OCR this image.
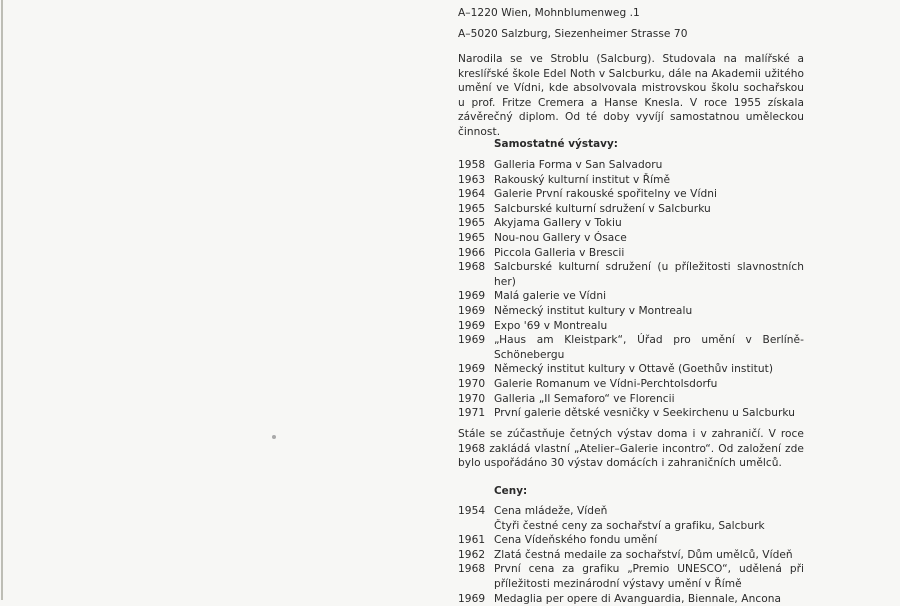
A–1220 Wien, Mohnblumenweg .1
A–5020 Salzburg, Siezenheimer Strasse 70
Narodila se ve Stroblu (Salcburg). Studovala na malířské a kreslířské škole Edel Noth v Salcburku, dále na Akademii užitého umění ve Vídni, kde absolvovala mistrovskou školu sochařskou u prof. Fritze Cremera a Hanse Knesla. V roce 1955 získala závěrečný diplom. Od té doby vyvíjí samostatnou uměleckou činnost.
Samostatné výstavy:
1958 Galleria Forma v San Salvadoru
1963 Rakouský kulturní institut v Římě
1964 Galerie První rakouské spořitelny ve Vídni
1965 Salcburské kulturní sdružení v Salcburku
1965 Akyjama Gallery v Tokiu
1965 Nou-nou Gallery v Ósace
1966 Piccola Galleria v Brescii
1968 Salcburské kulturní sdružení (u příležitosti slavnostních her)
1969 Malá galerie ve Vídni
1969 Německý institut kultury v Montrealu
1969 Expo '69 v Montrealu
1969 „Haus am Kleistpark“, Úřad pro umění v Berlíně-Schönebergu
1969 Německý institut kultury v Ottavě (Goethův institut)
1970 Galerie Romanum ve Vídni-Perchtolsdorfu
1970 Galleria „Il Semaforo“ ve Florencii
1971 První galerie dětské vesničky v Seekirchenu u Salcburku
Stále se zúčastňuje četných výstav doma i v zahraničí. V roce 1968 zakládá vlastní „Atelier–Galerie incontro“. Od založení zde bylo uspořádáno 30 výstav domácích i zahraničních umělců.
Ceny:
1954 Cena mládeže, Vídeň
Čtyři čestné ceny za sochařství a grafiku, Salcburk
1961 Cena Vídeňského fondu umění
1962 Zlatá čestná medaile za sochařství, Dům umělců, Vídeň
1968 První cena za grafiku „Premio UNESCO“, udělená při příležitosti mezinárodní výstavy umění v Římě
1969 Medaglia per opere di Avanguardia, Biennale, Ancona
